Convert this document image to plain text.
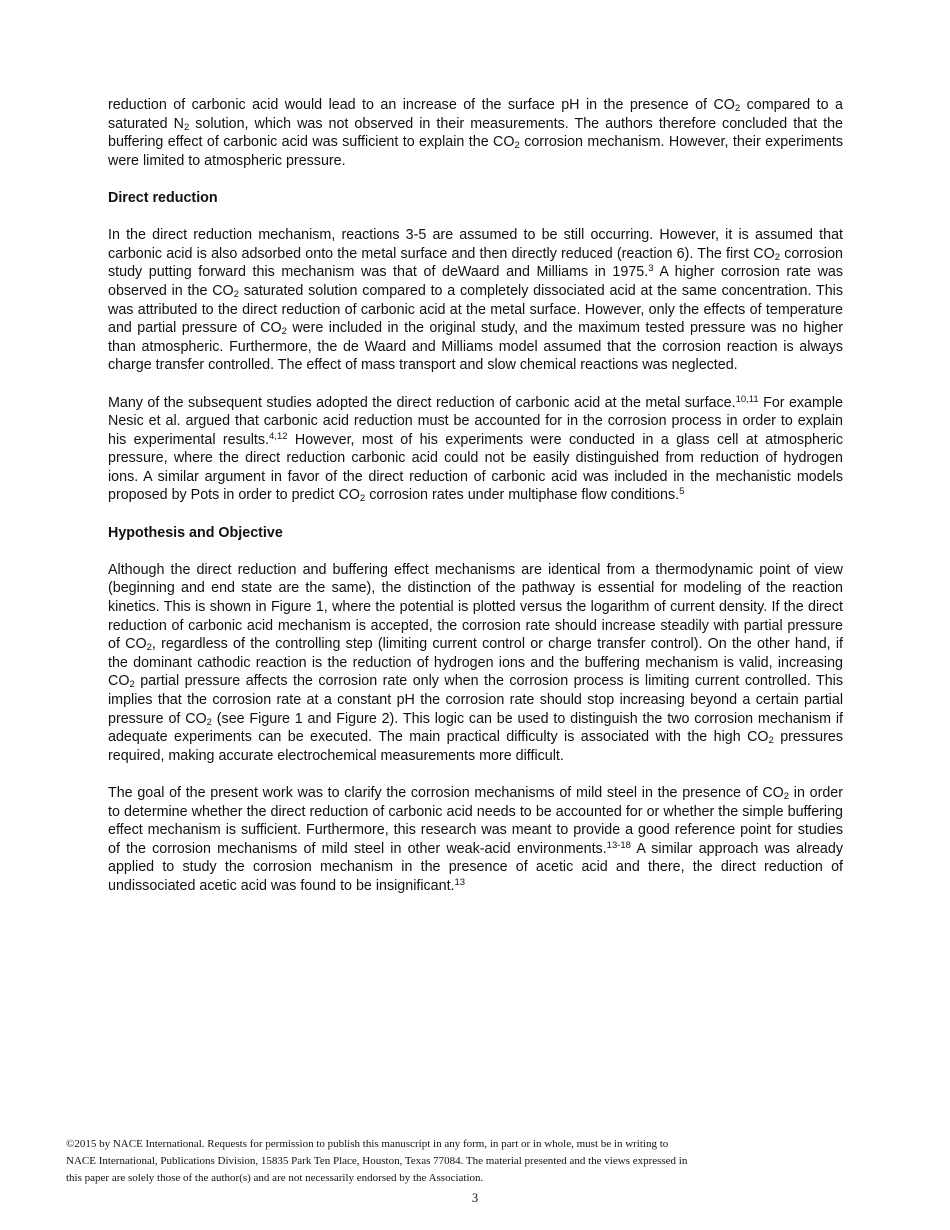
reduction of carbonic acid would lead to an increase of the surface pH in the presence of $CO_2$ compared to a saturated $N_2$ solution, which was not observed in their measurements. The authors therefore concluded that the buffering effect of carbonic acid was sufficient to explain the $CO_2$ corrosion mechanism. However, their experiments were limited to atmospheric pressure.

Direct reduction

In the direct reduction mechanism, reactions 3-5 are assumed to be still occurring. However, it is assumed that carbonic acid is also adsorbed onto the metal surface and then directly reduced (reaction 6). The first $CO_2$ corrosion study putting forward this mechanism was that of deWaard and Milliams in 1975.$^3$ A higher corrosion rate was observed in the $CO_2$ saturated solution compared to a completely dissociated acid at the same concentration. This was attributed to the direct reduction of carbonic acid at the metal surface. However, only the effects of temperature and partial pressure of $CO_2$ were included in the original study, and the maximum tested pressure was no higher than atmospheric. Furthermore, the de Waard and Milliams model assumed that the corrosion reaction is always charge transfer controlled. The effect of mass transport and slow chemical reactions was neglected.

Many of the subsequent studies adopted the direct reduction of carbonic acid at the metal surface.$^{10,11}$ For example Nesic et al. argued that carbonic acid reduction must be accounted for in the corrosion process in order to explain his experimental results.$^{4,12}$ However, most of his experiments were conducted in a glass cell at atmospheric pressure, where the direct reduction carbonic acid could not be easily distinguished from reduction of hydrogen ions. A similar argument in favor of the direct reduction of carbonic acid was included in the mechanistic models proposed by Pots in order to predict $CO_2$ corrosion rates under multiphase flow conditions.$^5$

Hypothesis and Objective

Although the direct reduction and buffering effect mechanisms are identical from a thermodynamic point of view (beginning and end state are the same), the distinction of the pathway is essential for modeling of the reaction kinetics. This is shown in Figure 1, where the potential is plotted versus the logarithm of current density. If the direct reduction of carbonic acid mechanism is accepted, the corrosion rate should increase steadily with partial pressure of $CO_2$, regardless of the controlling step (limiting current control or charge transfer control). On the other hand, if the dominant cathodic reaction is the reduction of hydrogen ions and the buffering mechanism is valid, increasing $CO_2$ partial pressure affects the corrosion rate only when the corrosion process is limiting current controlled. This implies that the corrosion rate at a constant pH the corrosion rate should stop increasing beyond a certain partial pressure of $CO_2$ (see Figure 1 and Figure 2). This logic can be used to distinguish the two corrosion mechanism if adequate experiments can be executed. The main practical difficulty is associated with the high $CO_2$ pressures required, making accurate electrochemical measurements more difficult.

The goal of the present work was to clarify the corrosion mechanisms of mild steel in the presence of $CO_2$ in order to determine whether the direct reduction of carbonic acid needs to be accounted for or whether the simple buffering effect mechanism is sufficient. Furthermore, this research was meant to provide a good reference point for studies of the corrosion mechanisms of mild steel in other weak-acid environments.$^{13-18}$ A similar approach was already applied to study the corrosion mechanism in the presence of acetic acid and there, the direct reduction of undissociated acetic acid was found to be insignificant.$^{13}$

©2015 by NACE International. Requests for permission to publish this manuscript in any form, in part or in whole, must be in writing to

NACE International, Publications Division, 15835 Park Ten Place, Houston, Texas 77084. The material presented and the views expressed in

this paper are solely those of the author(s) and are not necessarily endorsed by the Association.

3
